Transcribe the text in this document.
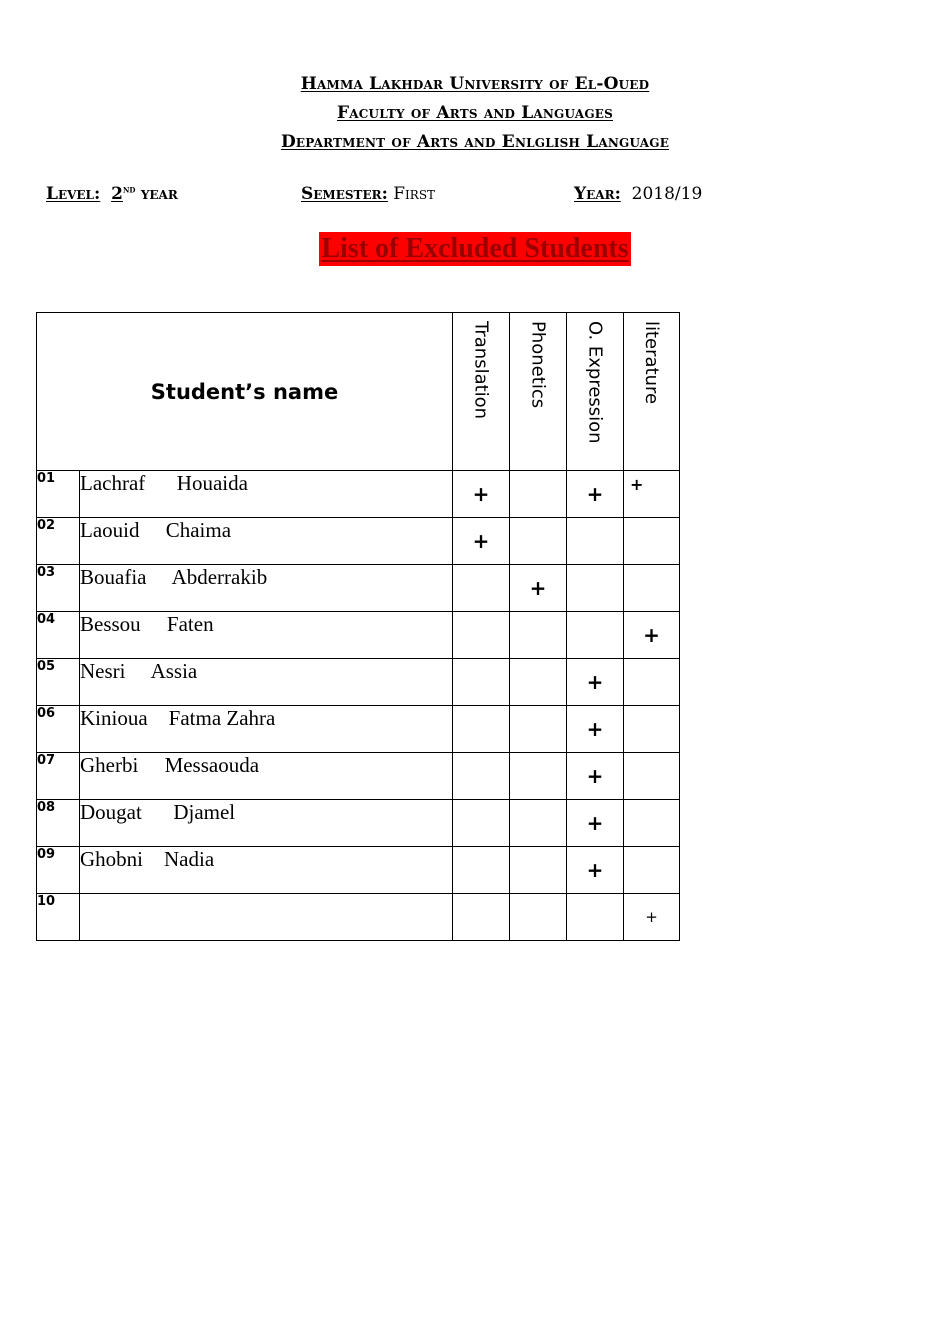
Hamma Lakhdar University of El-Oued
Faculty of Arts and Languages
Department of Arts and Enlglish Language
Level: 2nd year	Semester: First	Year: 2018/19
List of Excluded Students
Student’s name		Translation	Phonetics	O. Expression	literature

01	Lachraf      Houaida	+		+	+
02	Laouid     Chaima	+			
03	Bouafia     Abderrakib		+		
04	Bessou     Faten				+
05	Nesri     Assia			+	
06	Kinioua    Fatma Zahra			+	
07	Gherbi     Messaouda			+	
08	Dougat      Djamel			+	
09	Ghobni    Nadia			+	
10					+
